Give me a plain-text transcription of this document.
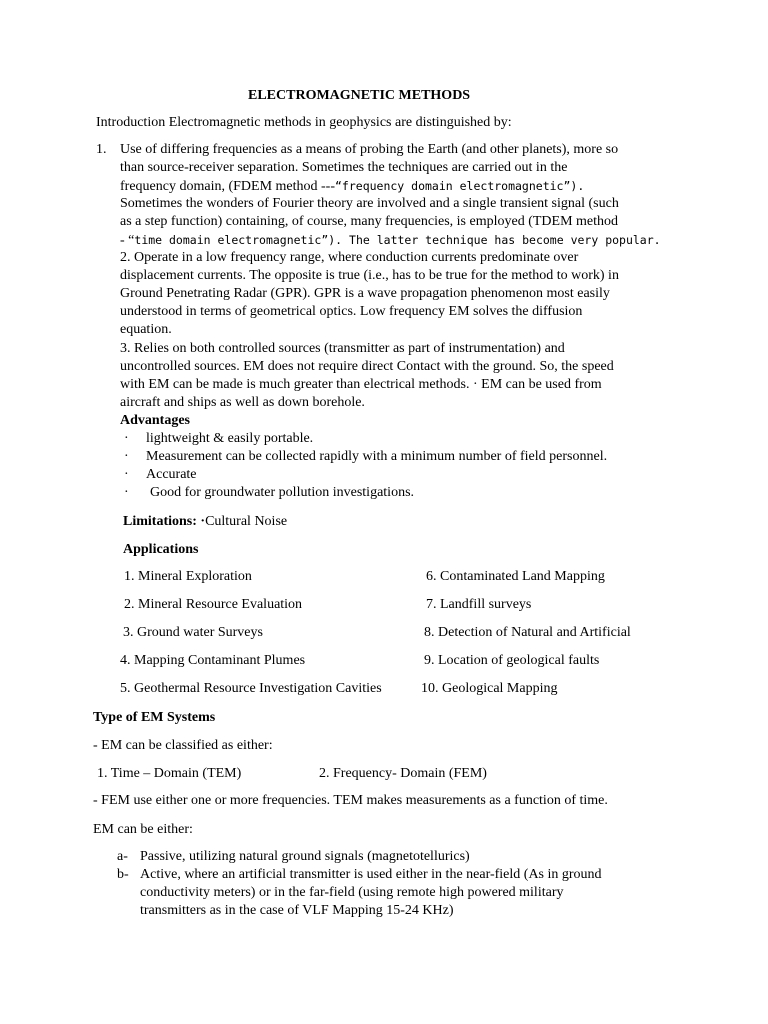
ELECTROMAGNETIC METHODS
Introduction Electromagnetic methods in geophysics are distinguished by:
1. Use of differing frequencies as a means of probing the Earth (and other planets), more so
than source-receiver separation. Sometimes the techniques are carried out in the
frequency domain, (FDEM method ---“frequency domain electromagnetic”).
Sometimes the wonders of Fourier theory are involved and a single transient signal (such
as a step function) containing, of course, many frequencies, is employed (TDEM method
- “time domain electromagnetic”). The latter technique has become very popular.
2. Operate in a low frequency range, where conduction currents predominate over
displacement currents. The opposite is true (i.e., has to be true for the method to work) in
Ground Penetrating Radar (GPR). GPR is a wave propagation phenomenon most easily
understood in terms of geometrical optics. Low frequency EM solves the diffusion
equation.
3. Relies on both controlled sources (transmitter as part of instrumentation) and
uncontrolled sources. EM does not require direct Contact with the ground. So, the speed
with EM can be made is much greater than electrical methods. · EM can be used from
aircraft and ships as well as down borehole.
Advantages
· lightweight & easily portable.
· Measurement can be collected rapidly with a minimum number of field personnel.
· Accurate
· Good for groundwater pollution investigations.
Limitations: ·Cultural Noise
Applications
1. Mineral Exploration
2. Mineral Resource Evaluation
3. Ground water Surveys
4. Mapping Contaminant Plumes
5. Geothermal Resource Investigation Cavities
6. Contaminated Land Mapping
7. Landfill surveys
8. Detection of Natural and Artificial
9. Location of geological faults
10. Geological Mapping
Type of EM Systems
- EM can be classified as either:
1. Time – Domain (TEM)	2. Frequency- Domain (FEM)
- FEM use either one or more frequencies. TEM makes measurements as a function of time.
EM can be either:
a- Passive, utilizing natural ground signals (magnetotellurics)
b- Active, where an artificial transmitter is used either in the near-field (As in ground
conductivity meters) or in the far-field (using remote high powered military
transmitters as in the case of VLF Mapping 15-24 KHz)
